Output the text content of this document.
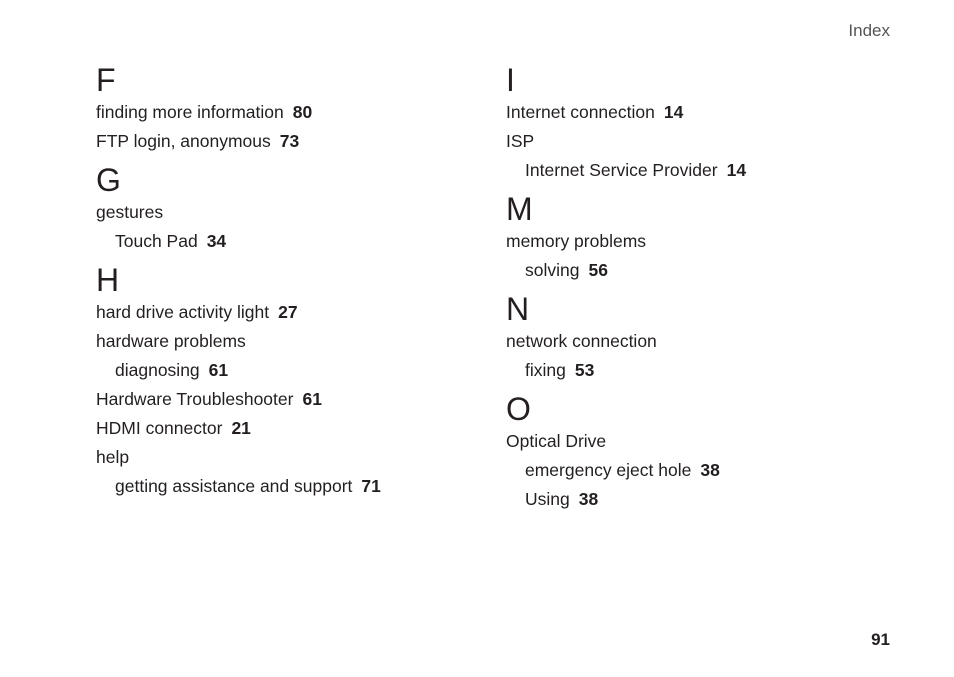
Index
F
finding more information 80
FTP login, anonymous 73
G
gestures
Touch Pad 34
H
hard drive activity light 27
hardware problems
diagnosing 61
Hardware Troubleshooter 61
HDMI connector 21
help
getting assistance and support 71
I
Internet connection 14
ISP
Internet Service Provider 14
M
memory problems
solving 56
N
network connection
fixing 53
O
Optical Drive
emergency eject hole 38
Using 38
91
